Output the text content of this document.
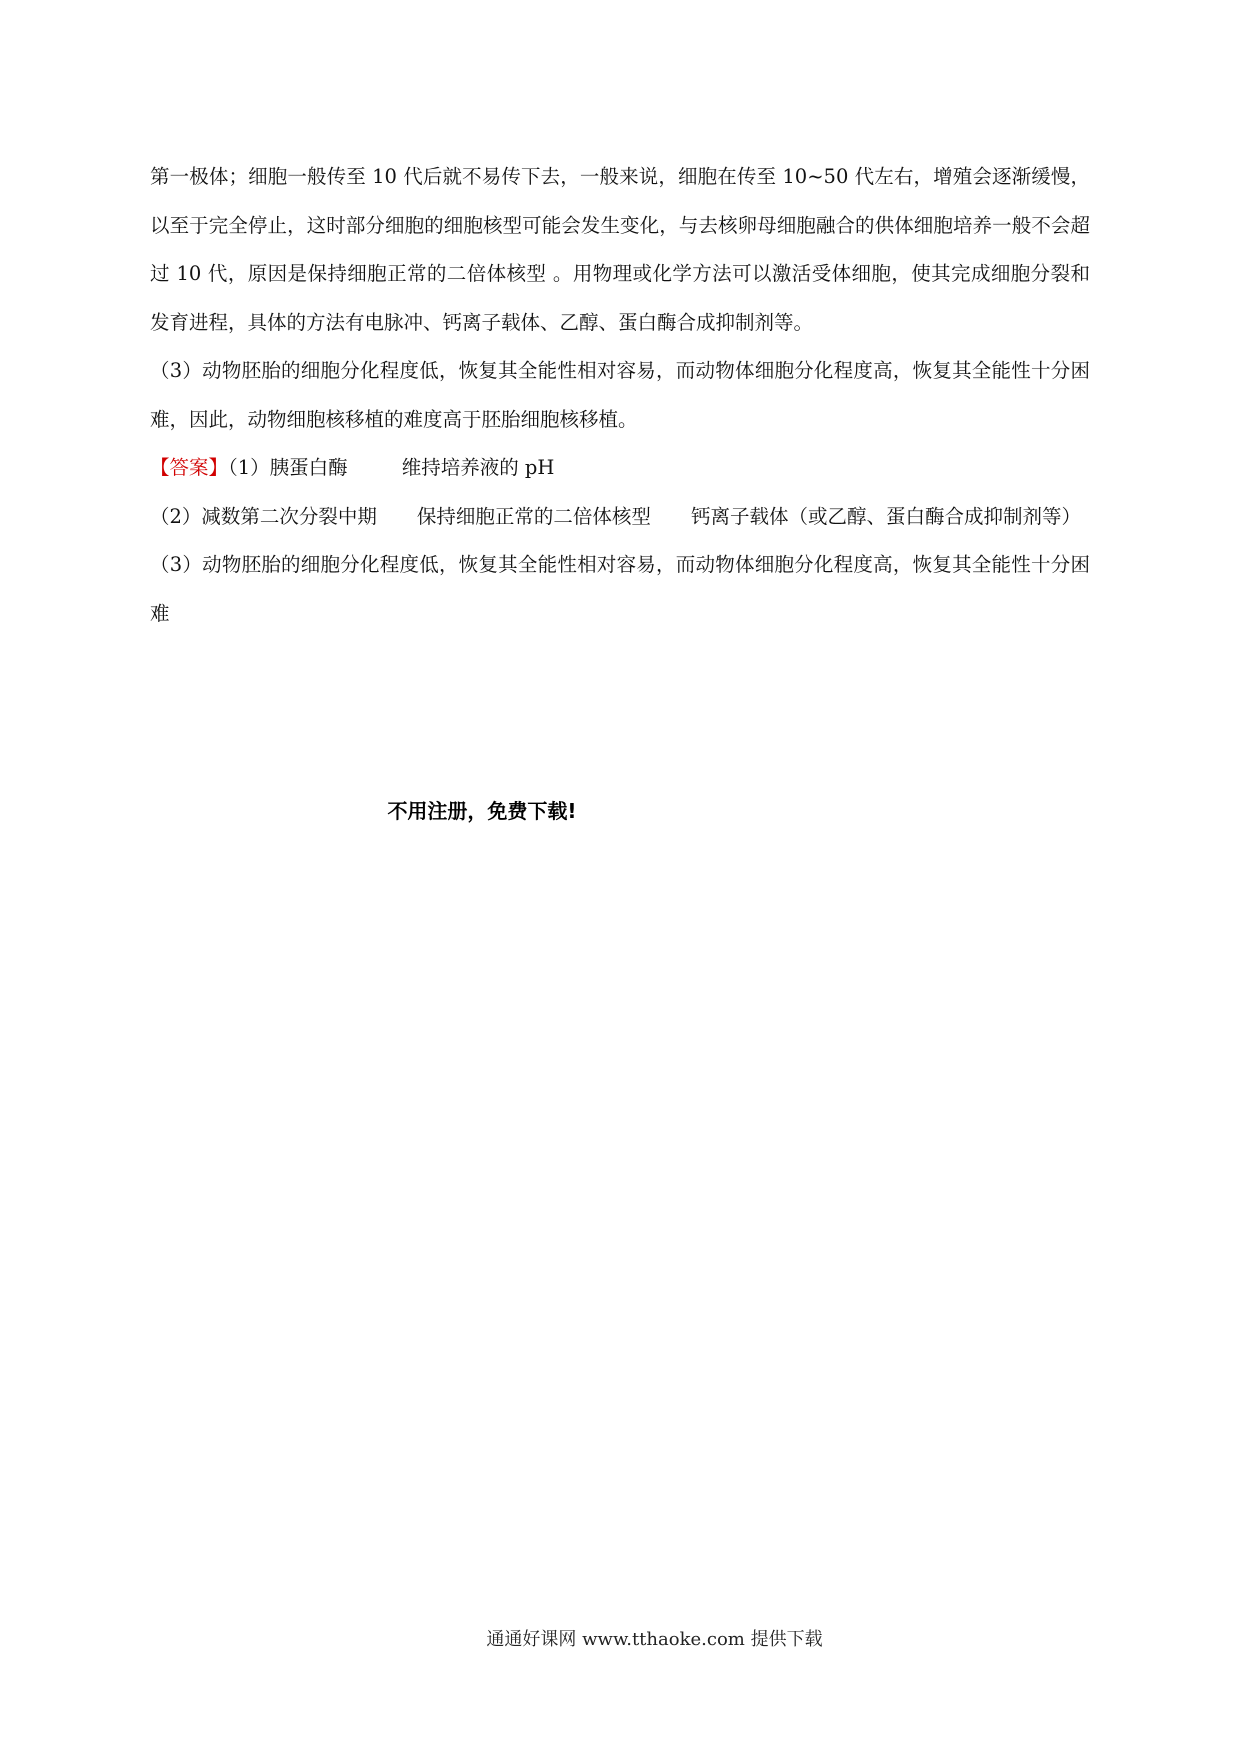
第一极体；细胞一般传至 10 代后就不易传下去，一般来说，细胞在传至 10~50 代左右，增殖会逐渐缓慢，以至于完全停止，这时部分细胞的细胞核型可能会发生变化，与去核卵母细胞融合的供体细胞培养一般不会超过 10 代，原因是保持细胞正常的二倍体核型 。用物理或化学方法可以激活受体细胞，使其完成细胞分裂和发育进程，具体的方法有电脉冲、钙离子载体、乙醇、蛋白酶合成抑制剂等。

（3）动物胚胎的细胞分化程度低，恢复其全能性相对容易，而动物体细胞分化程度高，恢复其全能性十分困难，因此，动物细胞核移植的难度高于胚胎细胞核移植。

【答案】（1）胰蛋白酶	维持培养液的 pH

（2）减数第二次分裂中期 保持细胞正常的二倍体核型 钙离子载体（或乙醇、蛋白酶合成抑制剂等）

（3）动物胚胎的细胞分化程度低，恢复其全能性相对容易，而动物体细胞分化程度高，恢复其全能性十分困难

不用注册，免费下载!
通通好课网 www.tthaoke.com 提供下载
